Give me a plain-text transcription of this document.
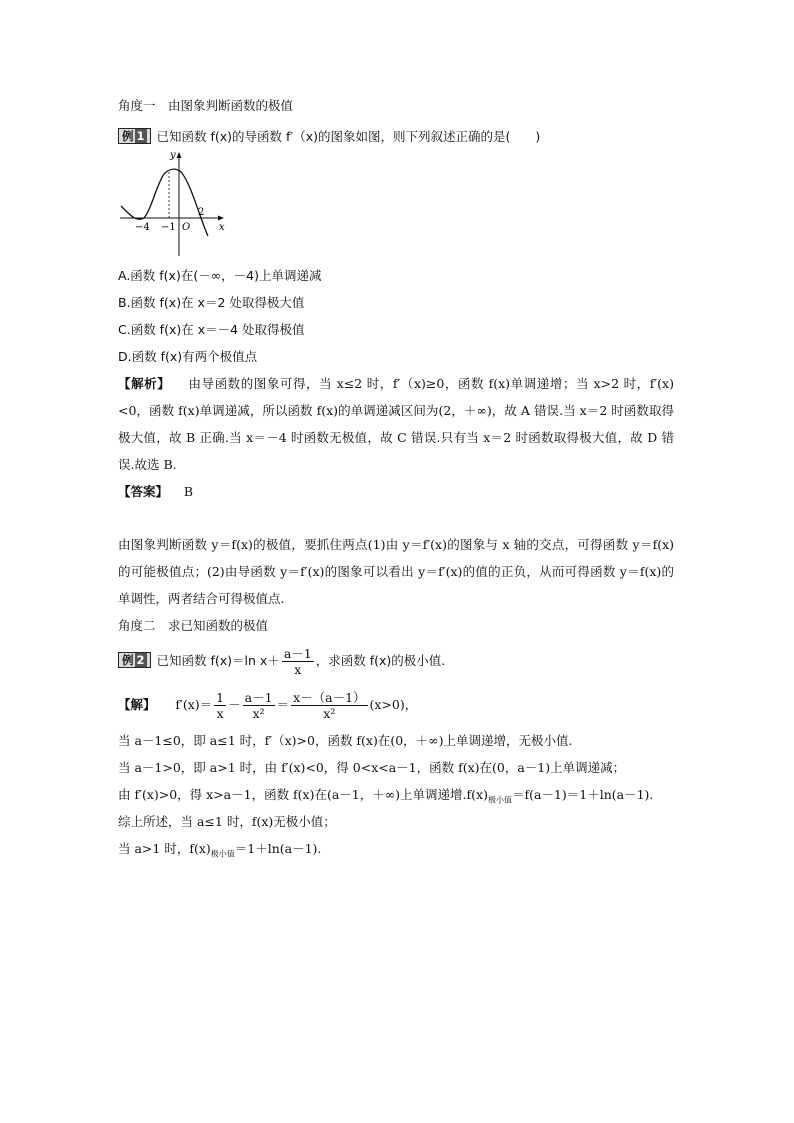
角度一　由图象判断函数的极值
例 1 已知函数 f(x)的导函数 f′（x)的图象如图，则下列叙述正确的是(　　)
y
x
O
−4 −1
2
A.函数 f(x)在(－∞，－4)上单调递减
B.函数 f(x)在 x＝2 处取得极大值
C.函数 f(x)在 x＝－4 处取得极值
D.函数 f(x)有两个极值点
【解析】 由导函数的图象可得，当 x≤2 时，f′（x)≥0，函数 f(x)单调递增；当 x>2 时，f′(x)<0，函数 f(x)单调递减，所以函数 f(x)的单调递减区间为(2，＋∞)，故 A 错误.当 x＝2 时函数取得极大值，故 B 正确.当 x＝－4 时函数无极值，故 C 错误.只有当 x＝2 时函数取得极大值，故 D 错误.故选 B.
【答案】 B
由图象判断函数 y＝f(x)的极值，要抓住两点(1)由 y＝f′(x)的图象与 x 轴的交点，可得函数 y＝f(x)的可能极值点；(2)由导函数 y＝f′(x)的图象可以看出 y＝f′(x)的值的正负，从而可得函数 y＝f(x)的单调性，两者结合可得极值点.
角度二　求已知函数的极值
例 2 已知函数 f(x)＝ln $x+ \frac{a-1}{x}$ ，求函数 f(x)的极小值.
【解】 $f'(x)= \frac{1}{x} - \frac{a-1}{\text{x²}} = \frac{x-(a-1)}{\text{x²}} (x>0)$，
当 a－1≤0，即 a≤1 时，f′（x)>0，函数 f(x)在(0，＋∞)上单调递增，无极小值.
当 a－1>0，即 a>1 时，由 f′(x)<0，得 0<x<a－1，函数 f(x)在(0，a－1)上单调递减；
由 f′(x)>0，得 x>a－1，函数 f(x)在(a－1，＋∞)上单调递增$.f(x)_{极小值}=f(a-1)=1+\ln(a-1)$.
综上所述，当 a≤1 时，f(x)无极小值；
当 a>1 时，$f(x)_{极小值}=1+\ln(a-1)$.
